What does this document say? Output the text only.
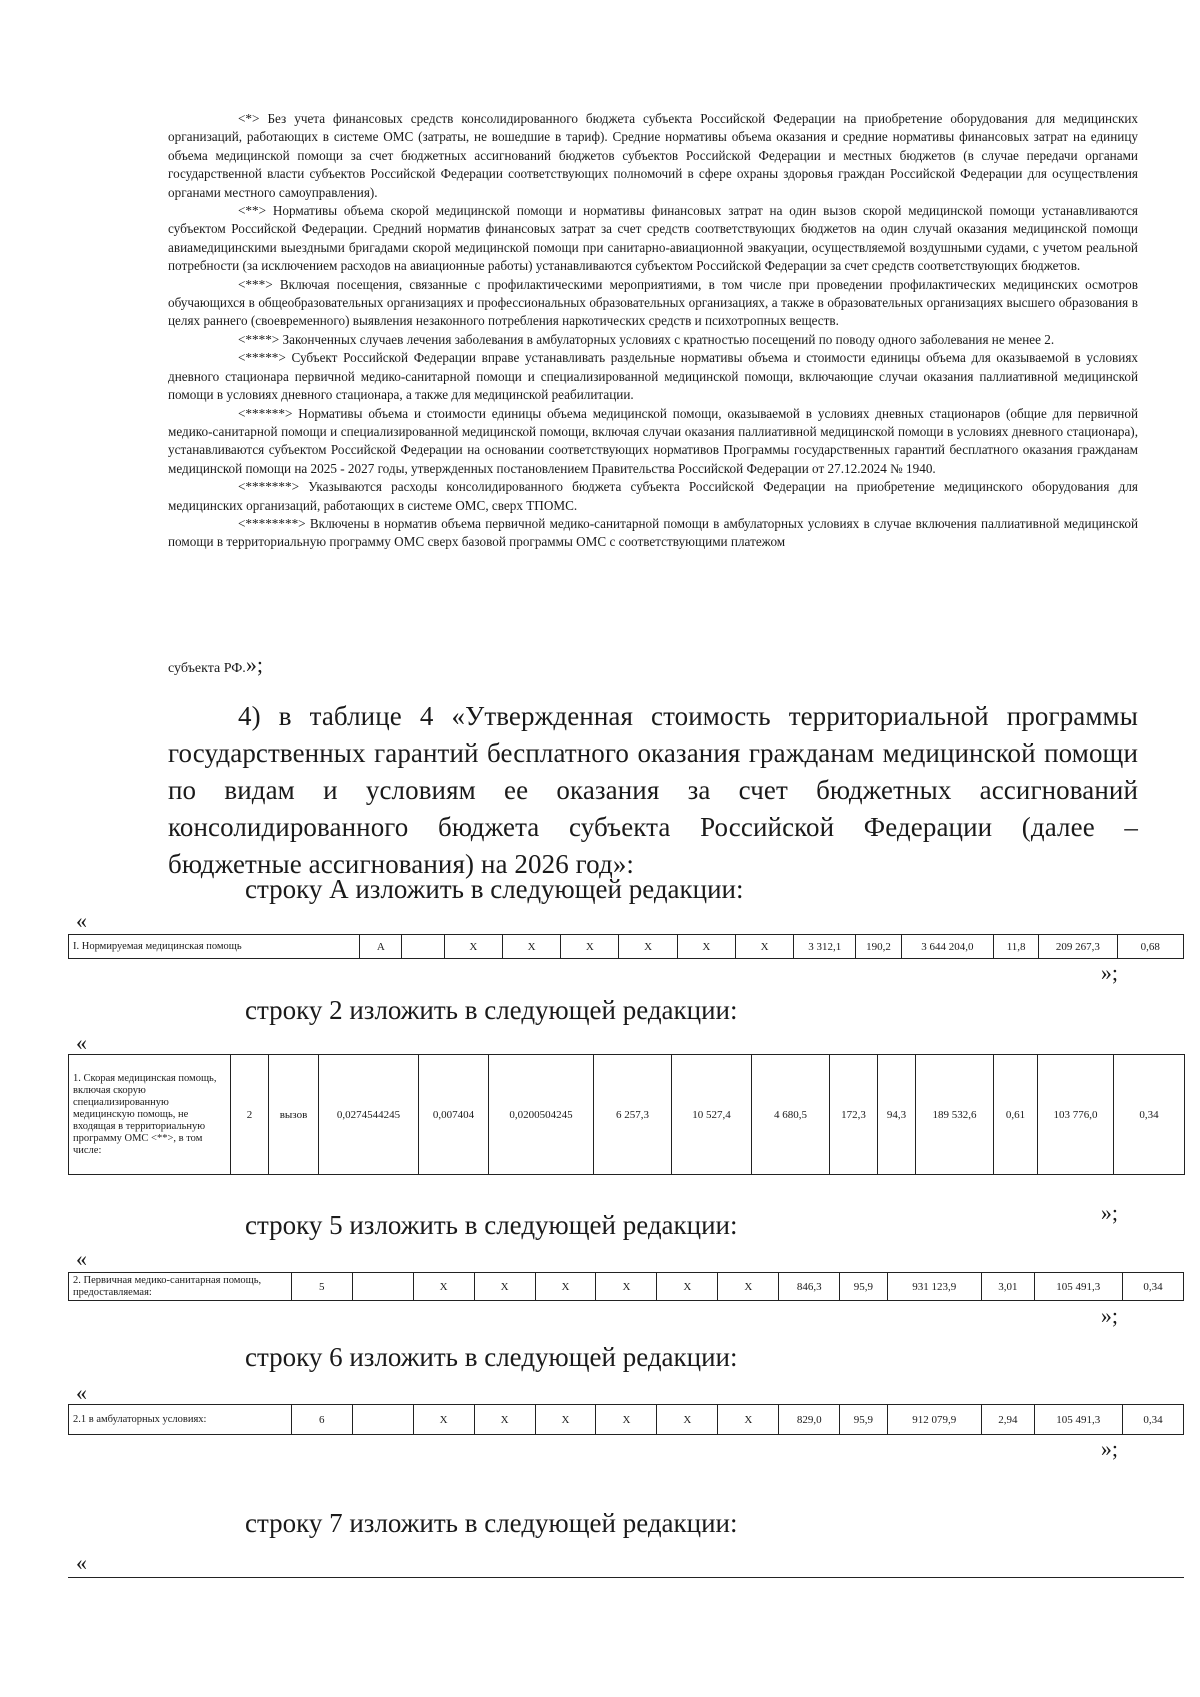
<*> Без учета финансовых средств консолидированного бюджета субъекта Российской Федерации на приобретение оборудования для медицинских организаций, работающих в системе ОМС (затраты, не вошедшие в тариф). Средние нормативы объема оказания и средние нормативы финансовых затрат на единицу объема медицинской помощи за счет бюджетных ассигнований бюджетов субъектов Российской Федерации и местных бюджетов (в случае передачи органами государственной власти субъектов Российской Федерации соответствующих полномочий в сфере охраны здоровья граждан Российской Федерации для осуществления органами местного самоуправления).

<**> Нормативы объема скорой медицинской помощи и нормативы финансовых затрат на один вызов скорой медицинской помощи устанавливаются субъектом Российской Федерации. Средний норматив финансовых затрат за счет средств соответствующих бюджетов на один случай оказания медицинской помощи авиамедицинскими выездными бригадами скорой медицинской помощи при санитарно-авиационной эвакуации, осуществляемой воздушными судами, с учетом реальной потребности (за исключением расходов на авиационные работы) устанавливаются субъектом Российской Федерации за счет средств соответствующих бюджетов.

<***> Включая посещения, связанные с профилактическими мероприятиями, в том числе при проведении профилактических медицинских осмотров обучающихся в общеобразовательных организациях и профессиональных образовательных организациях, а также в образовательных организациях высшего образования в целях раннего (своевременного) выявления незаконного потребления наркотических средств и психотропных веществ.

<****> Законченных случаев лечения заболевания в амбулаторных условиях с кратностью посещений по поводу одного заболевания не менее 2.

<*****> Субъект Российской Федерации вправе устанавливать раздельные нормативы объема и стоимости единицы объема для оказываемой в условиях дневного стационара первичной медико-санитарной помощи и специализированной медицинской помощи, включающие случаи оказания паллиативной медицинской помощи в условиях дневного стационара, а также для медицинской реабилитации.

<******> Нормативы объема и стоимости единицы объема медицинской помощи, оказываемой в условиях дневных стационаров (общие для первичной медико-санитарной помощи и специализированной медицинской помощи, включая случаи оказания паллиативной медицинской помощи в условиях дневного стационара), устанавливаются субъектом Российской Федерации на основании соответствующих нормативов Программы государственных гарантий бесплатного оказания гражданам медицинской помощи на 2025 - 2027 годы, утвержденных постановлением Правительства Российской Федерации от 27.12.2024 № 1940.

<*******> Указываются расходы консолидированного бюджета субъекта Российской Федерации на приобретение медицинского оборудования для медицинских организаций, работающих в системе ОМС, сверх ТПОМС.

<********> Включены в норматив объема первичной медико-санитарной помощи в амбулаторных условиях в случае включения паллиативной медицинской помощи в территориальную программу ОМС сверх базовой программы ОМС с соответствующими платежом

субъекта РФ.»;
4) в таблице 4 «Утвержденная стоимость территориальной программы государственных гарантий бесплатного оказания гражданам медицинской помощи по видам и условиям ее оказания за счет бюджетных ассигнований консолидированного бюджета субъекта Российской Федерации (далее – бюджетные ассигнования) на 2026 год»:
строку А изложить в следующей редакции:
«
I. Нормируемая медицинская помощь	А		Х	Х	Х	Х	Х	Х	3 312,1	190,2	3 644 204,0	11,8	209 267,3	0,68
»;
строку 2 изложить в следующей редакции:
«
1. Скорая медицинская помощь, включая скорую специализированную медицинскую помощь, не входящая в территориальную программу ОМС <**>, в том числе:	2	вызов	0,0274544245	0,007404	0,0200504245	6 257,3	10 527,4	4 680,5	172,3	94,3	189 532,6	0,61	103 776,0	0,34
»;
строку 5 изложить в следующей редакции:
«
2. Первичная медико-санитарная помощь, предоставляемая:	5		Х	Х	Х	Х	Х	Х	846,3	95,9	931 123,9	3,01	105 491,3	0,34
»;
строку 6 изложить в следующей редакции:
«
2.1 в амбулаторных условиях:	6		Х	Х	Х	Х	Х	Х	829,0	95,9	912 079,9	2,94	105 491,3	0,34
»;
строку 7 изложить в следующей редакции:
«
